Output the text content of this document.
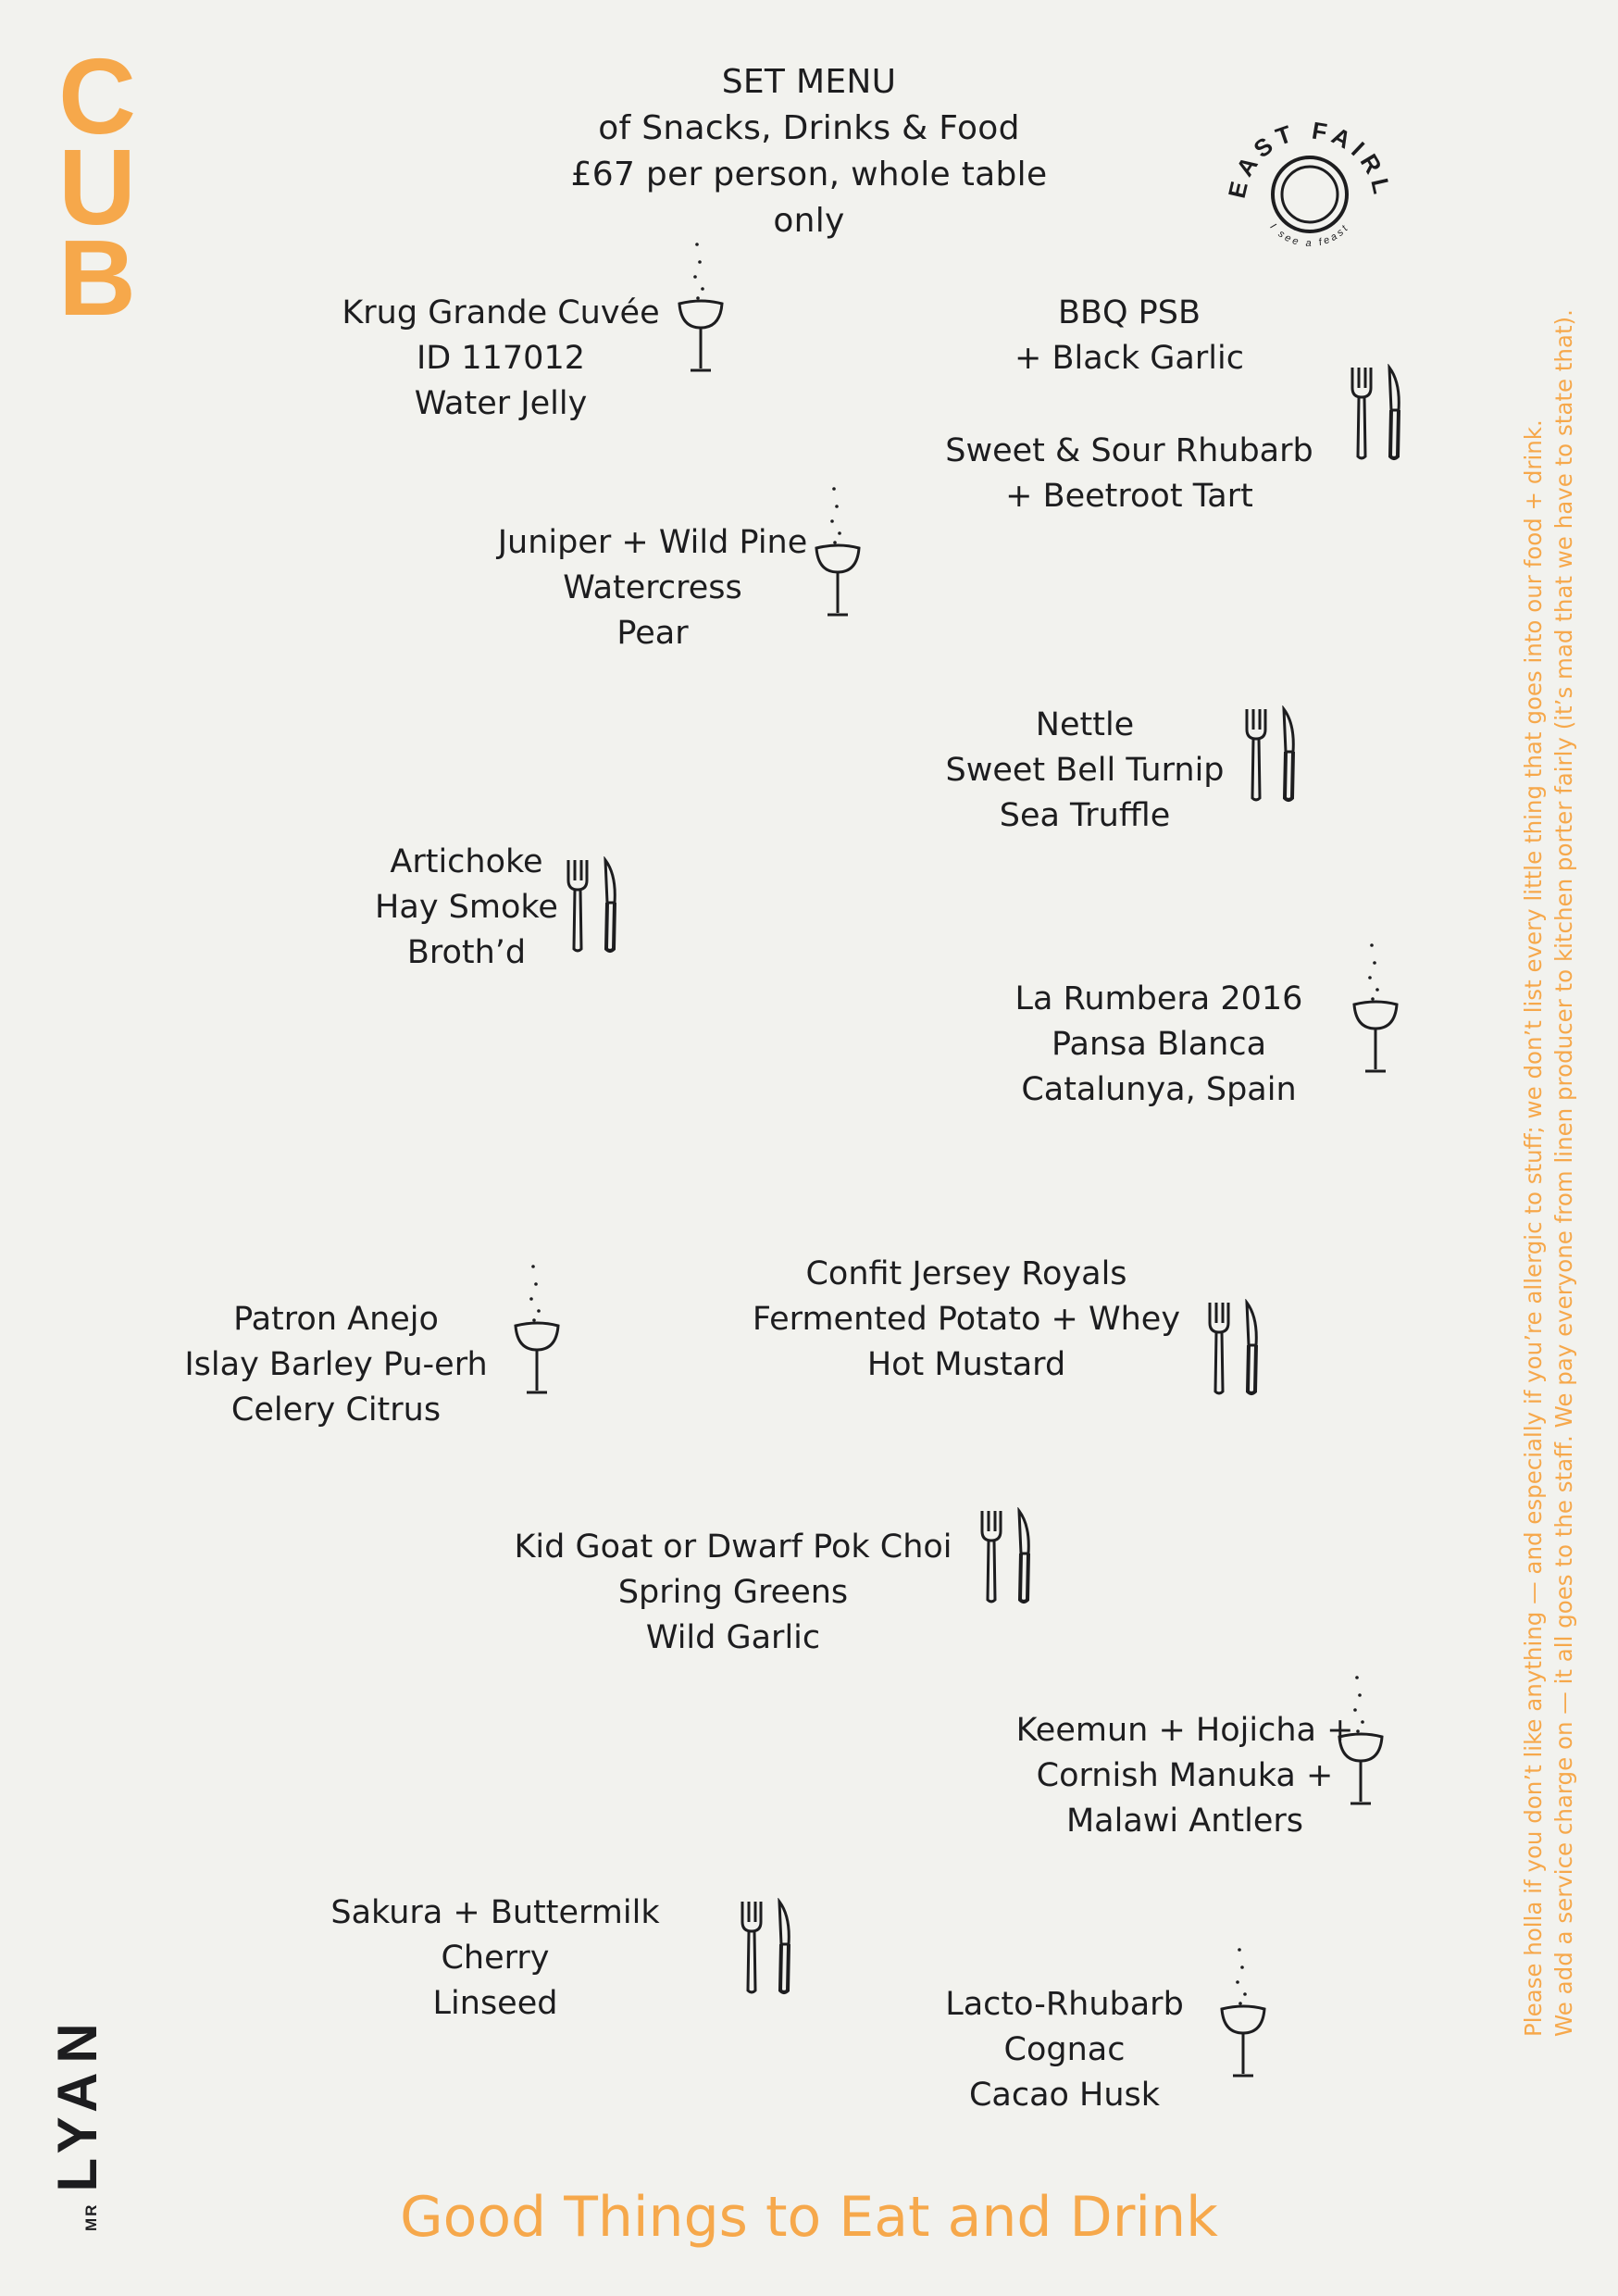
C
U
B
SET MENU
of Snacks, Drinks & Food
£67 per person, whole table only
EAST FAIRL
I see a feast
Krug Grande Cuvée
ID 117012
Water Jelly
BBQ PSB
+ Black Garlic
Sweet & Sour Rhubarb
+ Beetroot Tart
Juniper + Wild Pine
Watercress
Pear
Nettle
Sweet Bell Turnip
Sea Truffle
Artichoke
Hay Smoke
Broth’d
La Rumbera 2016
Pansa Blanca
Catalunya, Spain
Patron Anejo
Islay Barley Pu-erh
Celery Citrus
Confit Jersey Royals
Fermented Potato + Whey
Hot Mustard
Kid Goat or Dwarf Pok Choi
Spring Greens
Wild Garlic
Keemun + Hojicha +
Cornish Manuka +
Malawi Antlers
Sakura + Buttermilk
Cherry
Linseed	Lacto-Rhubarb
Cognac
Cacao Husk
Please holla if you don’t like anything — and especially if you’re allergic to stuff; we don’t list every little thing that goes into our food + drink. We add a service charge on — it all goes to the staff. We pay everyone from linen producer to kitchen porter fairly (it’s mad that we have to state that).
MRLYAN
Good Things to Eat and Drink
